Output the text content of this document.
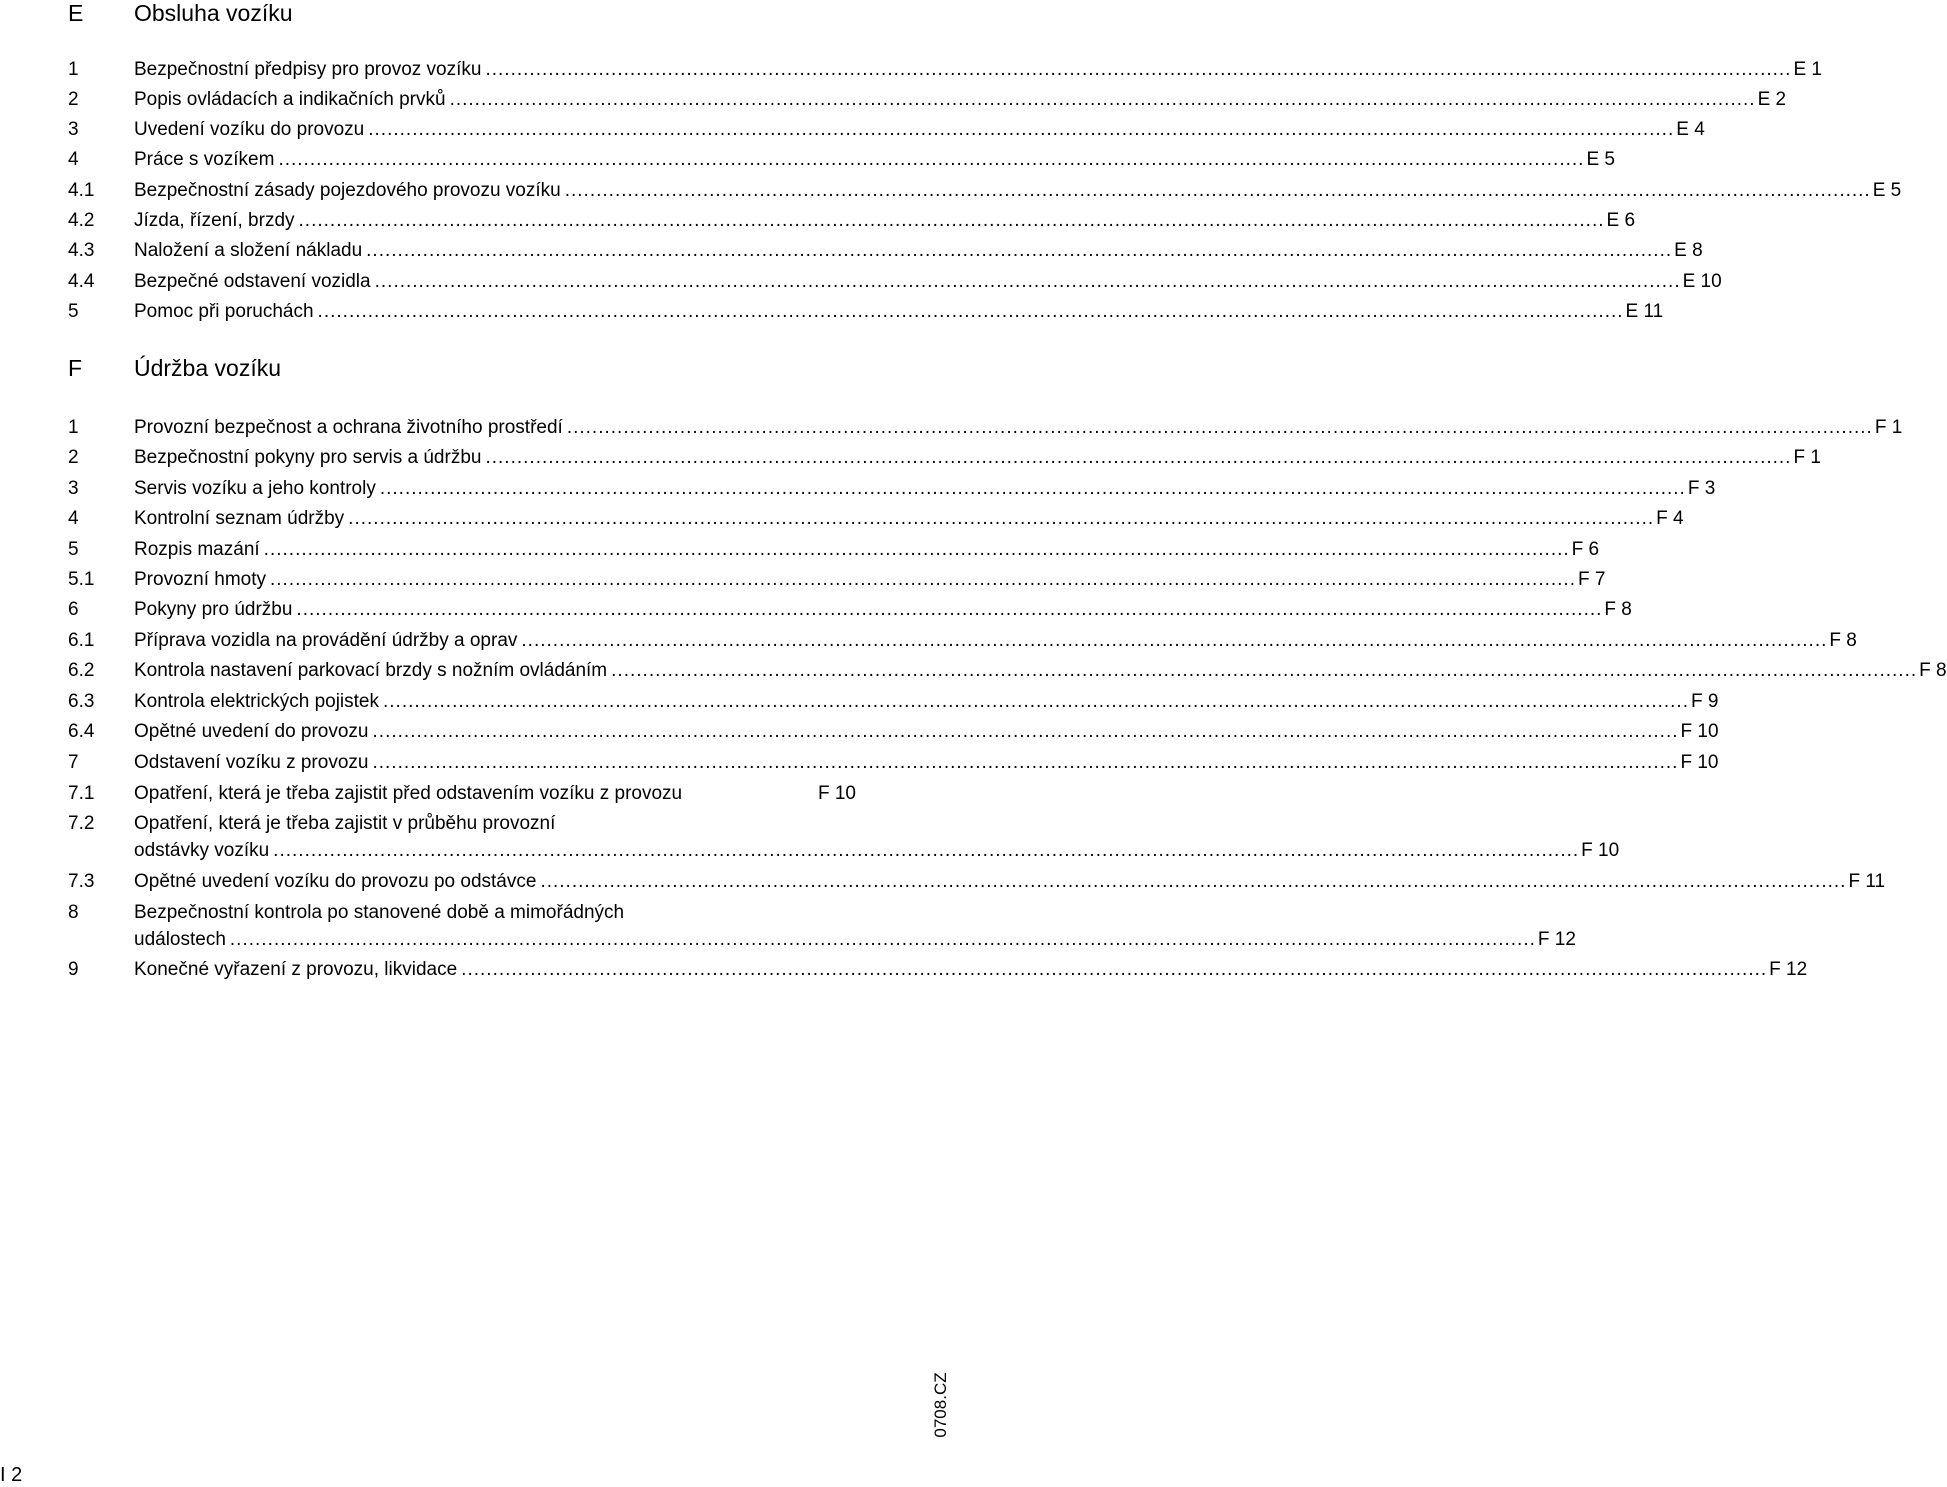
E Obsluha vozíku
1	Bezpečnostní předpisy pro provoz vozíku .....	E 1
2	Popis ovládacích a indikačních prvků .....	E 2
3	Uvedení vozíku do provozu .....	E 4
4	Práce s vozíkem .....	E 5
4.1 Bezpečnostní zásady pojezdového provozu vozíku .....	E 5
4.2 Jízda, řízení, brzdy .....	E 6
4.3 Naložení a složení nákladu .....	E 8
4.4 Bezpečné odstavení vozidla .....	E 10
5	Pomoc při poruchách .....	E 11
F Údržba vozíku
1	Provozní bezpečnost a ochrana životního prostředí .....	F 1
2	Bezpečnostní pokyny pro servis a údržbu .....	F 1
3	Servis vozíku a jeho kontroly .....	F 3
4	Kontrolní seznam údržby .....	F 4
5	Rozpis mazání .....	F 6
5.1 Provozní hmoty .....	F 7
6	Pokyny pro údržbu .....	F 8
6.1 Příprava vozidla na provádění údržby a oprav .....	F 8
6.2 Kontrola nastavení parkovací brzdy s nožním ovládáním .....	F 8
6.3 Kontrola elektrických pojistek .....	F 9
6.4 Opětné uvedení do provozu .....	F 10
7	Odstavení vozíku z provozu .....	F 10
7.1 Opatření, která je třeba zajistit před odstavením vozíku z provozu	F 10
7.2 Opatření, která je třeba zajistit v průběhu provozní
odstávky vozíku .....	F 10
7.3 Opětné uvedení vozíku do provozu po odstávce .....	F 11
8	Bezpečnostní kontrola po stanovené době a mimořádných
událostech .....	F 12
9	Konečné vyřazení z provozu, likvidace .....	F 12
0708.CZ
I 2
